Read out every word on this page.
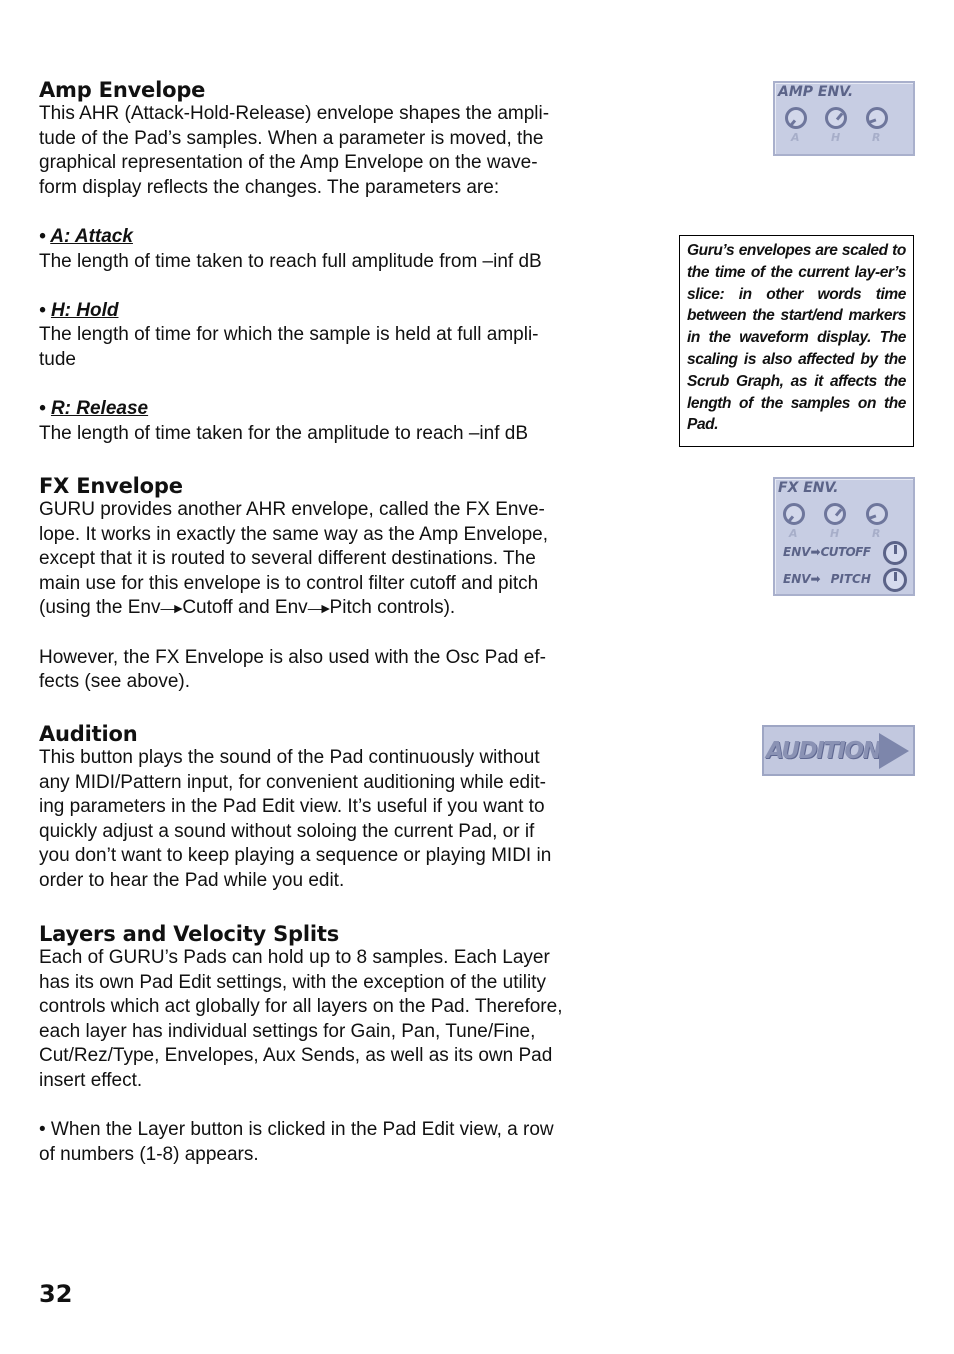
Amp Envelope

This AHR (Attack-Hold-Release) envelope shapes the ampli-

tude of the Pad’s samples. When a parameter is moved, the

graphical representation of the Amp Envelope on the wave-

form display reflects the changes. The parameters are:

• A: Attack

The length of time taken to reach full amplitude from –inf dB

• H: Hold

The length of time for which the sample is held at full ampli-

tude

• R: Release

The length of time taken for the amplitude to reach –inf dB

FX Envelope

GURU provides another AHR envelope, called the FX Enve-

lope. It works in exactly the same way as the Amp Envelope,

except that it is routed to several different destinations. The

main use for this envelope is to control filter cutoff and pitch

(using the Env—►Cutoff and Env—►Pitch controls).

However, the FX Envelope is also used with the Osc Pad ef-

fects (see above).

Audition

This button plays the sound of the Pad continuously without

any MIDI/Pattern input, for convenient auditioning while edit-

ing parameters in the Pad Edit view. It’s useful if you want to

quickly adjust a sound without soloing the current Pad, or if

you don’t want to keep playing a sequence or playing MIDI in

order to hear the Pad while you edit.

Layers and Velocity Splits

Each of GURU’s Pads can hold up to 8 samples. Each Layer

has its own Pad Edit settings, with the exception of the utility

controls which act globally for all layers on the Pad. Therefore,

each layer has individual settings for Gain, Pan, Tune/Fine,

Cut/Rez/Type, Envelopes, Aux Sends, as well as its own Pad

insert effect.

• When the Layer button is clicked in the Pad Edit view, a row

of numbers (1-8) appears.

AMP ENV.
A	H	R
Guru’s envelopes are scaled to the time of the current lay-er’s slice: in other words time between the start/end markers in the waveform display. The scaling is also affected by the Scrub Graph, as it affects the length of the samples on the Pad.
FX ENV.
A	H	R
ENV➡CUTOFF
ENV➡ PITCH
AUDITION
32
